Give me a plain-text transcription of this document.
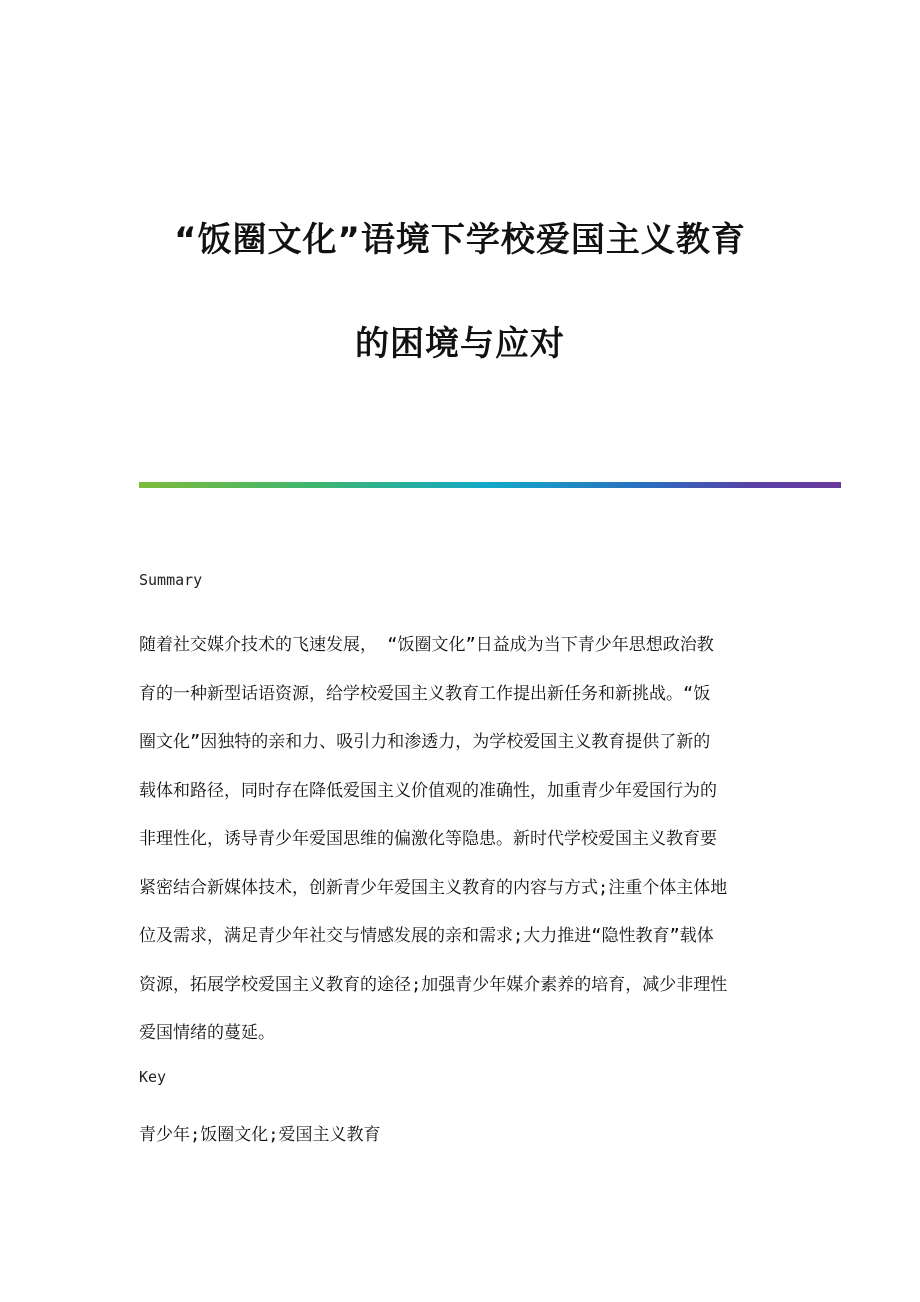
“饭圈文化”语境下学校爱国主义教育
的困境与应对
Summary
随着社交媒介技术的飞速发展， “饭圈文化”日益成为当下青少年思想政治教
育的一种新型话语资源，给学校爱国主义教育工作提出新任务和新挑战。“饭
圈文化”因独特的亲和力、吸引力和渗透力，为学校爱国主义教育提供了新的
载体和路径，同时存在降低爱国主义价值观的准确性，加重青少年爱国行为的
非理性化，诱导青少年爱国思维的偏激化等隐患。新时代学校爱国主义教育要
紧密结合新媒体技术，创新青少年爱国主义教育的内容与方式;注重个体主体地
位及需求，满足青少年社交与情感发展的亲和需求;大力推进“隐性教育”载体
资源，拓展学校爱国主义教育的途径;加强青少年媒介素养的培育，减少非理性
爱国情绪的蔓延。
Key
青少年;饭圈文化;爱国主义教育
